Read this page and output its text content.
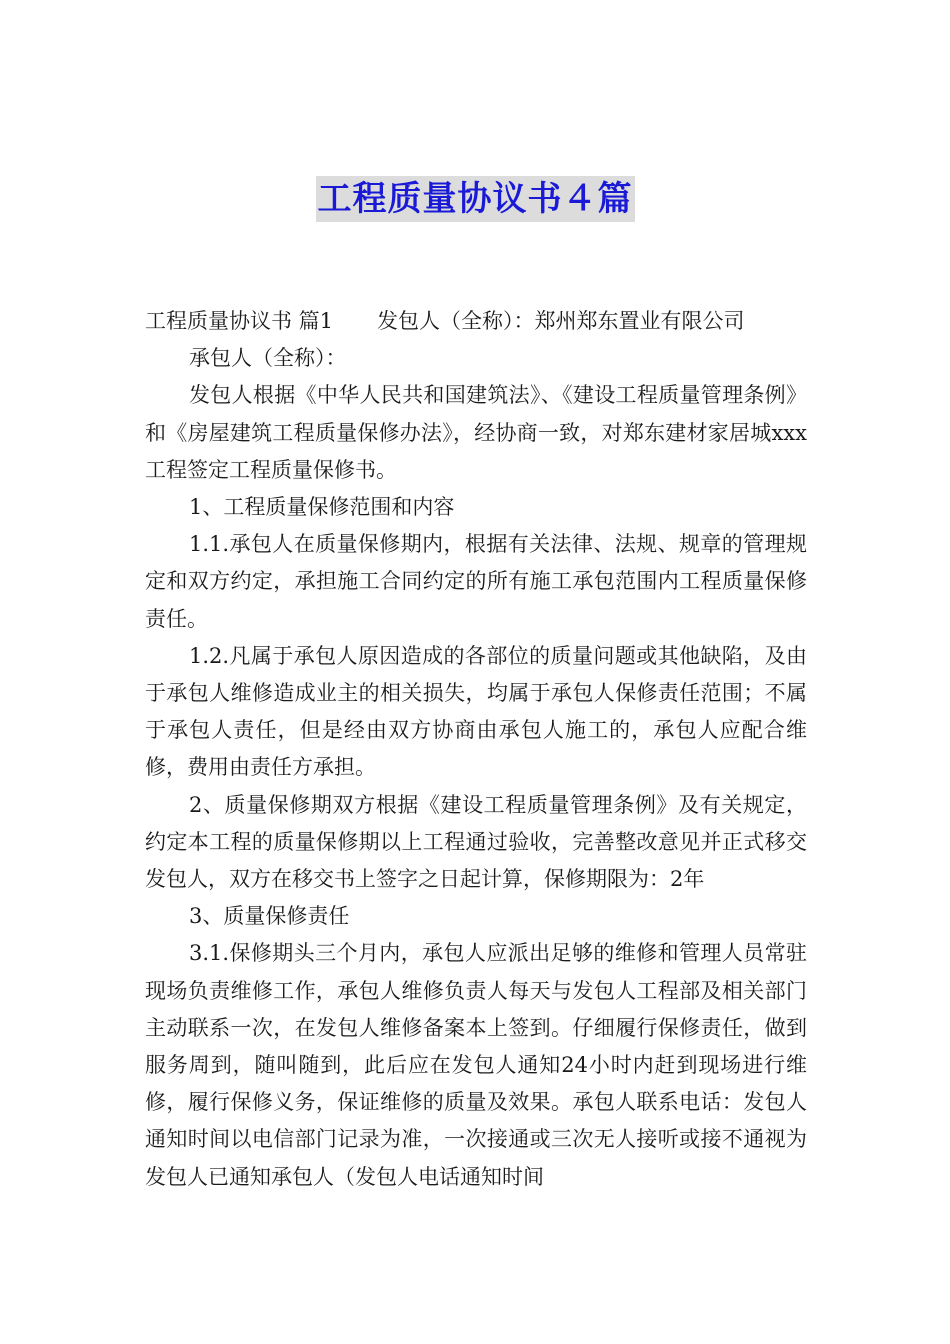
工程质量协议书４篇

工程质量协议书 篇1 发包人（全称）：郑州郑东置业有限公司

承包人（全称）：

发包人根据《中华人民共和国建筑法》、《建设工程质量管理条例》和《房屋建筑工程质量保修办法》，经协商一致，对郑东建材家居城xxx工程签定工程质量保修书。

1、工程质量保修范围和内容

1.1.承包人在质量保修期内，根据有关法律、法规、规章的管理规定和双方约定，承担施工合同约定的所有施工承包范围内工程质量保修责任。

1.2.凡属于承包人原因造成的各部位的质量问题或其他缺陷，及由于承包人维修造成业主的相关损失，均属于承包人保修责任范围；不属于承包人责任，但是经由双方协商由承包人施工的，承包人应配合维修，费用由责任方承担。

2、质量保修期双方根据《建设工程质量管理条例》及有关规定，约定本工程的质量保修期以上工程通过验收，完善整改意见并正式移交发包人，双方在移交书上签字之日起计算，保修期限为：2年

3、质量保修责任

3.1.保修期头三个月内，承包人应派出足够的维修和管理人员常驻现场负责维修工作，承包人维修负责人每天与发包人工程部及相关部门主动联系一次，在发包人维修备案本上签到。仔细履行保修责任，做到服务周到，随叫随到，此后应在发包人通知24小时内赶到现场进行维修，履行保修义务，保证维修的质量及效果。承包人联系电话：发包人通知时间以电信部门记录为准，一次接通或三次无人接听或接不通视为发包人已通知承包人（发包人电话通知时间
